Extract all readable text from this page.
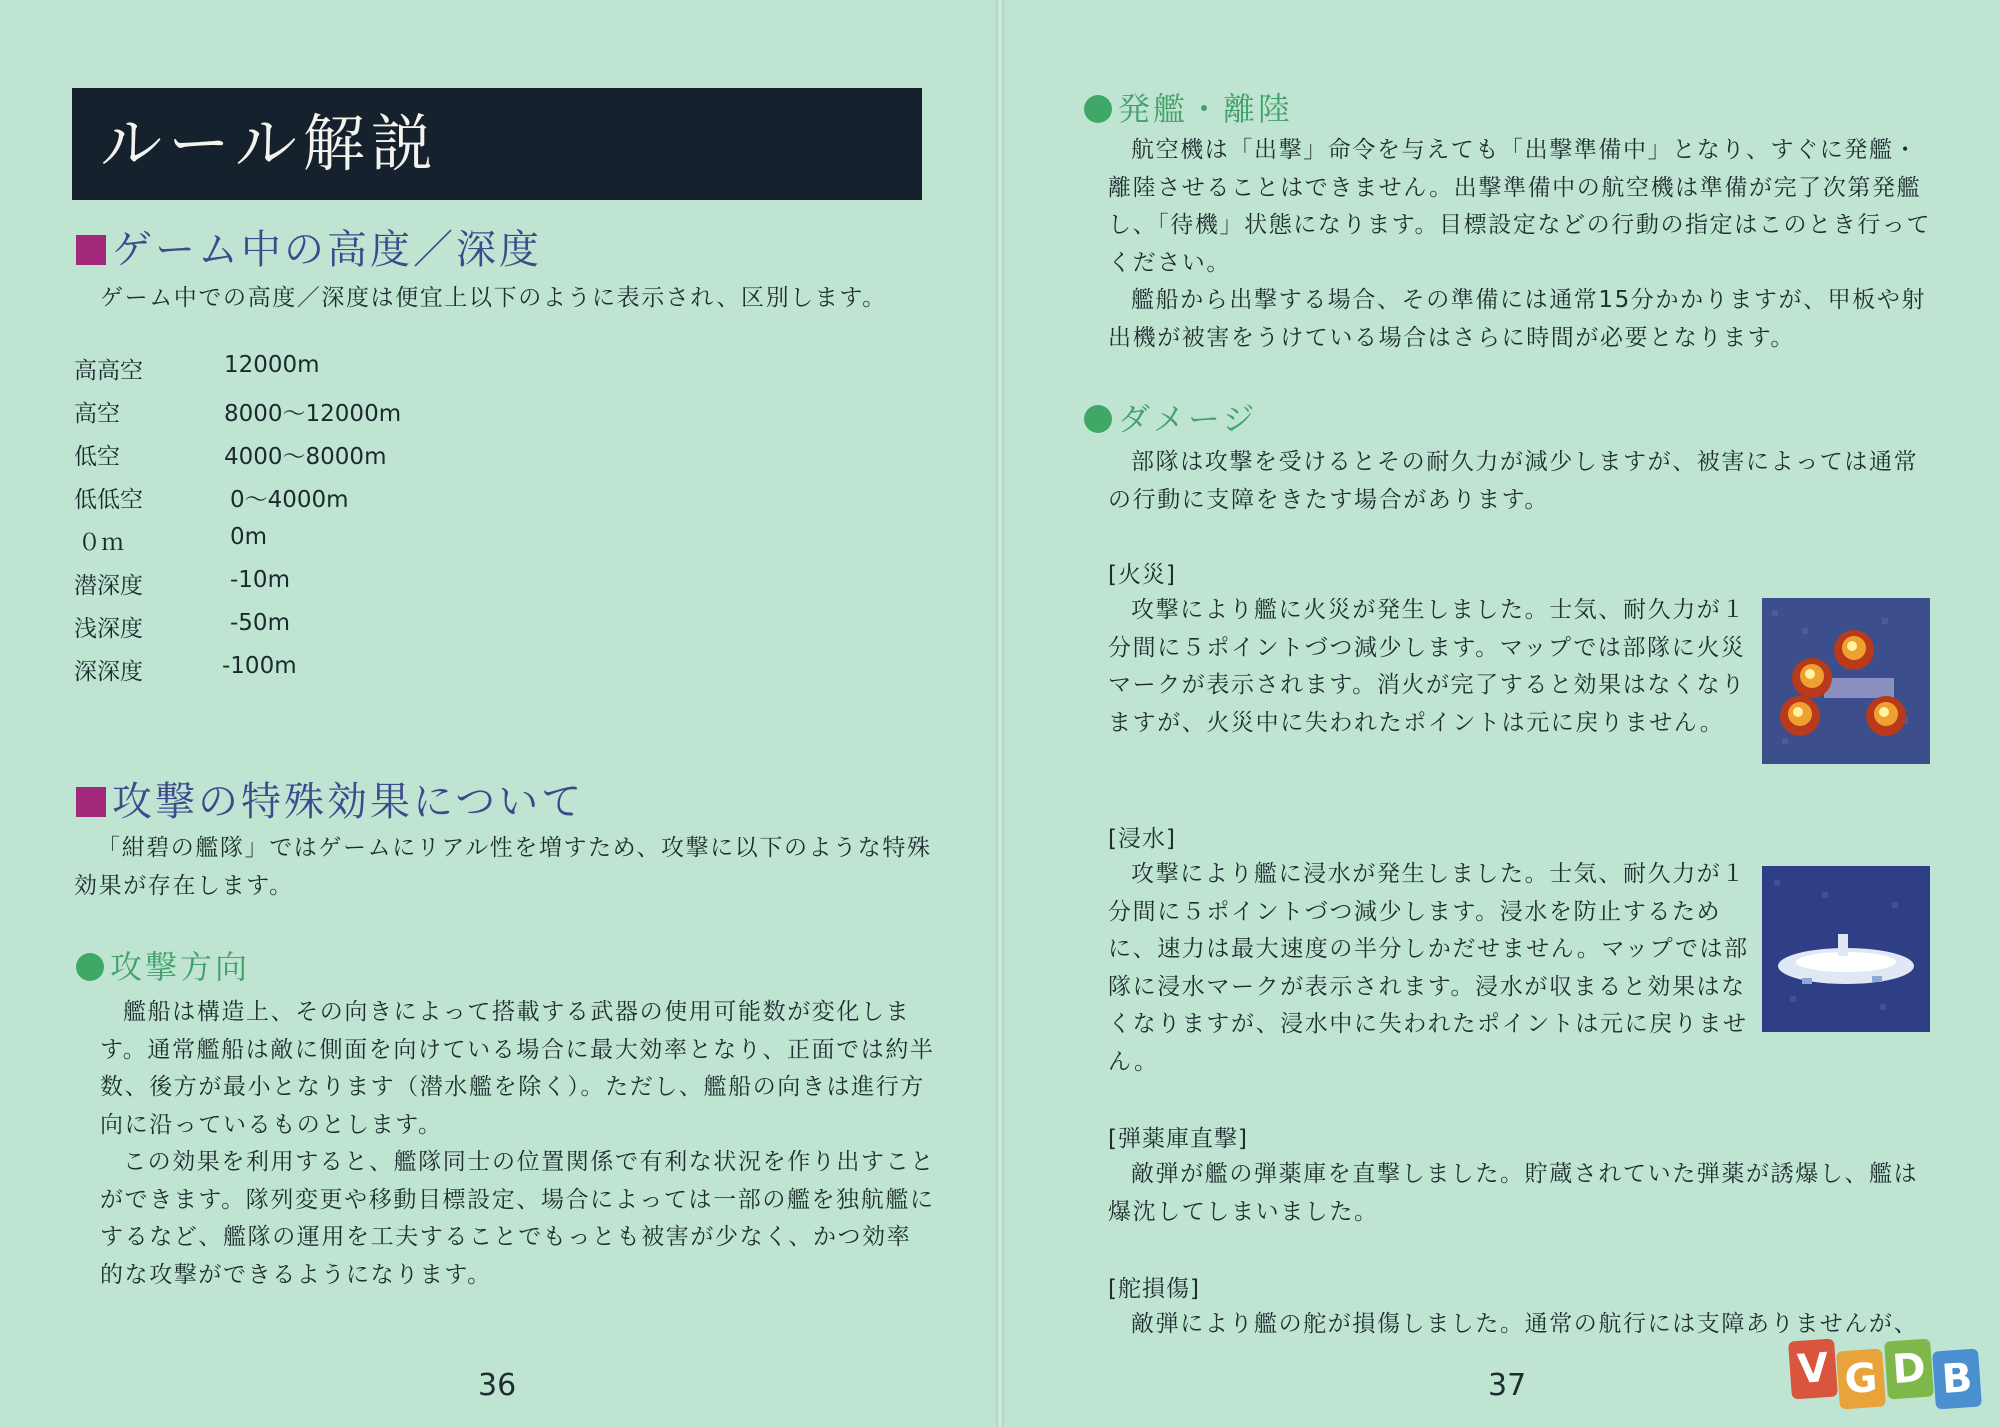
ルール解説
ゲーム中の高度／深度
ゲーム中での高度／深度は便宜上以下のように表示され、区別します。
高高空	12000m
高空	8000〜12000m
低空	4000〜8000m
低低空	0〜4000m
０ｍ	0m
潜深度	-10m
浅深度	-50m
深深度	-100m
攻撃の特殊効果について
「紺碧の艦隊」ではゲームにリアル性を増すため、攻撃に以下のような特殊効果が存在します。
攻撃方向
艦船は構造上、その向きによって搭載する武器の使用可能数が変化します。通常艦船は敵に側面を向けている場合に最大効率となり、正面では約半数、後方が最小となります（潜水艦を除く）。ただし、艦船の向きは進行方向に沿っているものとします。
この効果を利用すると、艦隊同士の位置関係で有利な状況を作り出すことができます。隊列変更や移動目標設定、場合によっては一部の艦を独航艦にするなど、艦隊の運用を工夫することでもっとも被害が少なく、かつ効率的な攻撃ができるようになります。
36
発艦・離陸
航空機は「出撃」命令を与えても「出撃準備中」となり、すぐに発艦・離陸させることはできません。出撃準備中の航空機は準備が完了次第発艦し、「待機」状態になります。目標設定などの行動の指定はこのとき行ってください。
艦船から出撃する場合、その準備には通常15分かかりますが、甲板や射出機が被害をうけている場合はさらに時間が必要となります。
ダメージ
部隊は攻撃を受けるとその耐久力が減少しますが、被害によっては通常の行動に支障をきたす場合があります。
[火災]
攻撃により艦に火災が発生しました。士気、耐久力が１分間に５ポイントづつ減少します。マップでは部隊に火災マークが表示されます。消火が完了すると効果はなくなりますが、火災中に失われたポイントは元に戻りません。
[浸水]
攻撃により艦に浸水が発生しました。士気、耐久力が１分間に５ポイントづつ減少します。浸水を防止するために、速力は最大速度の半分しかだせません。マップでは部隊に浸水マークが表示されます。浸水が収まると効果はなくなりますが、浸水中に失われたポイントは元に戻りません。
[弾薬庫直撃]
敵弾が艦の弾薬庫を直撃しました。貯蔵されていた弾薬が誘爆し、艦は爆沈してしまいました。
[舵損傷]
敵弾により艦の舵が損傷しました。通常の航行には支障ありませんが、
37	V G D B
